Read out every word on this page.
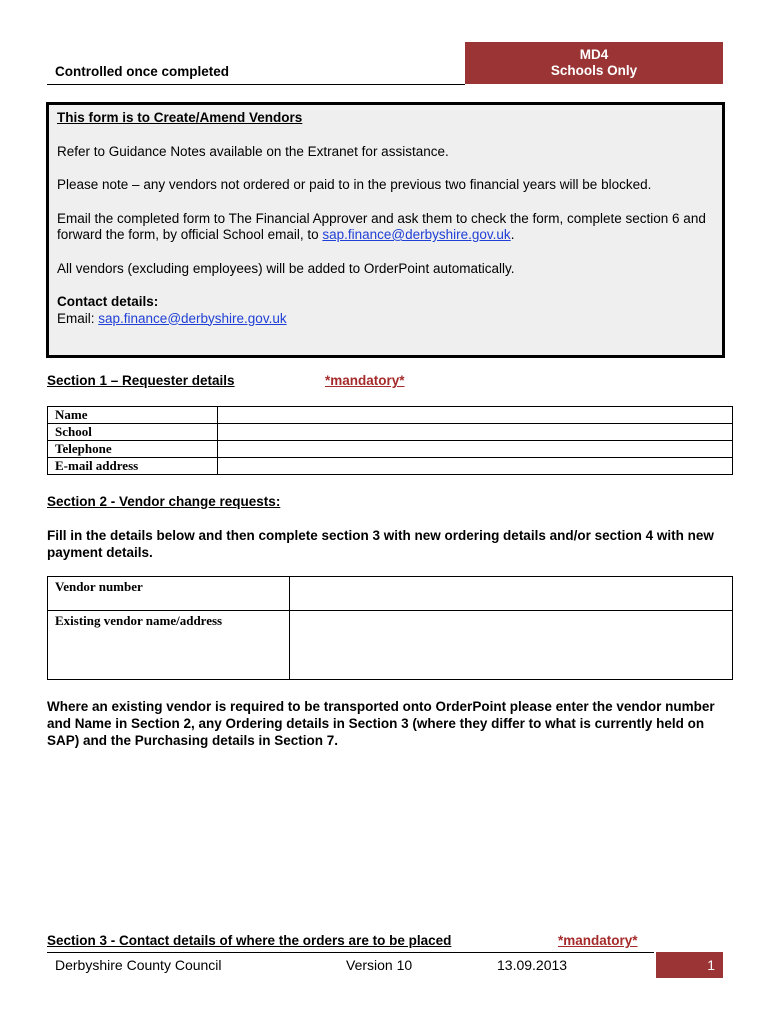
Controlled once completed
MD4
Schools Only

This form is to Create/Amend Vendors

Refer to Guidance Notes available on the Extranet for assistance.

Please note – any vendors not ordered or paid to in the previous two financial years will be blocked.

Email the completed form to The Financial Approver and ask them to check the form, complete section 6 and forward the form, by official School email, to sap.finance@derbyshire.gov.uk.

All vendors (excluding employees) will be added to OrderPoint automatically.

Contact details:

Email: sap.finance@derbyshire.gov.uk

Section 1 – Requester details	*mandatory*
Name	
School	
Telephone	
E-mail address	
Section 2 - Vendor change requests:
Fill in the details below and then complete section 3 with new ordering details and/or section 4 with new payment details.
Vendor number	
Existing vendor name/address	
Where an existing vendor is required to be transported onto OrderPoint please enter the vendor number and Name in Section 2, any Ordering details in Section 3 (where they differ to what is currently held on SAP) and the Purchasing details in Section 7.
Section 3 - Contact details of where the orders are to be placed	*mandatory*
Derbyshire County Council	Version 10	13.09.2013	1
